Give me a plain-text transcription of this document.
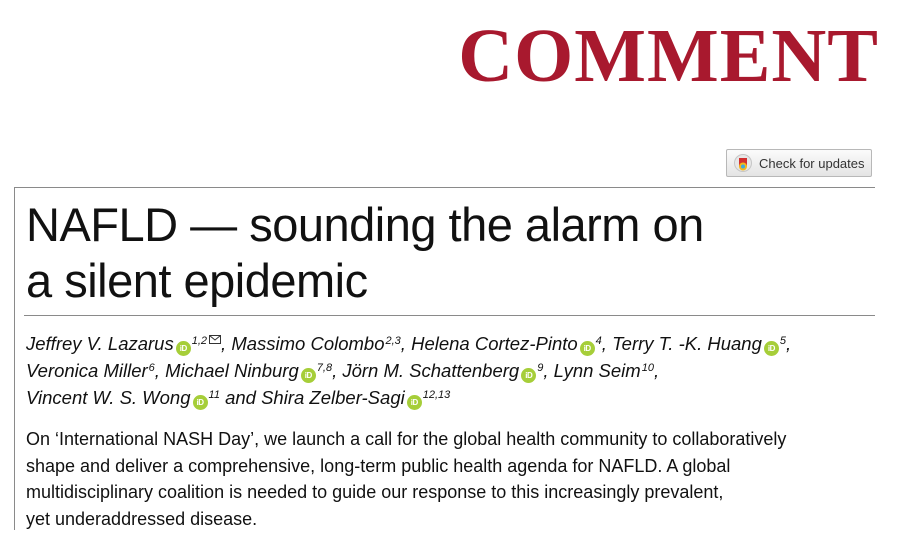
COMMENT
Check for updates
NAFLD — sounding the alarm on
a silent epidemic

Jeffrey V. Lazarus iD$^{1,2}$ , Massimo Colombo$^{2,3}$, Helena Cortez-Pinto $iD^4$, Terry T. -K. Huang $iD^5$,
Veronica Miller$^6$, Michael Ninburg iD$^{7,8}$, Jörn M. Schattenberg $iD^9$, Lynn Seim$^{10}$,
Vincent W. S. Wong $iD^{11}$ and Shira Zelber-Sagi iD$^{12,13}$

On ‘International NASH Day’, we launch a call for the global health community to collaboratively
shape and deliver a comprehensive, long-term public health agenda for NAFLD. A global
multidisciplinary coalition is needed to guide our response to this increasingly prevalent,
yet underaddressed disease.
